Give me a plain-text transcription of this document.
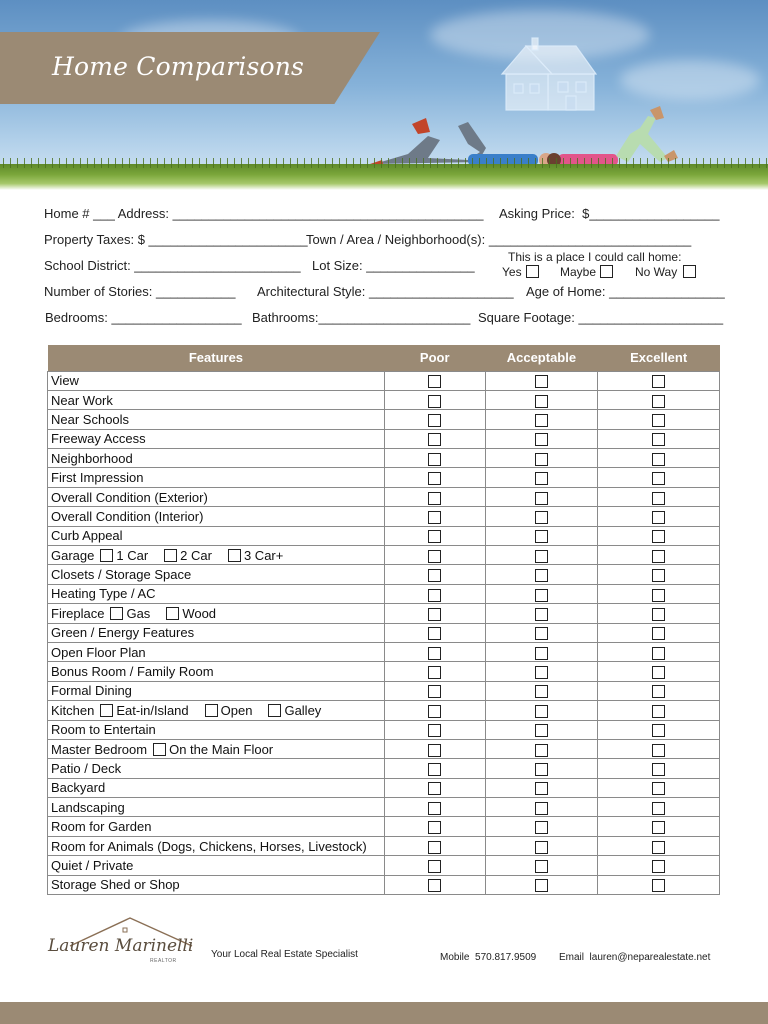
Home Comparisons
Home # ___ Address: ___________________________________________ Asking Price:  $__________________
Property Taxes: $ ______________________
Town / Area / Neighborhood(s): ____________________________
School District: _______________________ Lot Size: _______________
Number of Stories: ___________ Architectural Style: ____________________ Age of Home: ________________
Bedrooms: __________________ Bathrooms:_____________________ Square Footage: ____________________
This is a place I could call home:
Yes	Maybe	No Way
Features	Poor	Acceptable	Excellent
View			
Near Work			
Near Schools			
Freeway Access			
Neighborhood			
First Impression			
Overall Condition (Exterior)			
Overall Condition (Interior)			
Curb Appeal			
Garage 1 Car 2 Car 3 Car+			
Closets / Storage Space			
Heating Type / AC			
Fireplace Gas Wood			
Green / Energy Features			
Open Floor Plan			
Bonus Room / Family Room			
Formal Dining			
Kitchen Eat-in/Island Open Galley			
Room to Entertain			
Master Bedroom On the Main Floor			
Patio / Deck			
Backyard			
Landscaping			
Room for Garden			
Room for Animals (Dogs, Chickens, Horses, Livestock)			
Quiet / Private			
Storage Shed or Shop			
Lauren Marinelli
REALTOR
Your Local Real Estate Specialist	Mobile  570.817.9509 Email  lauren@neparealestate.net
